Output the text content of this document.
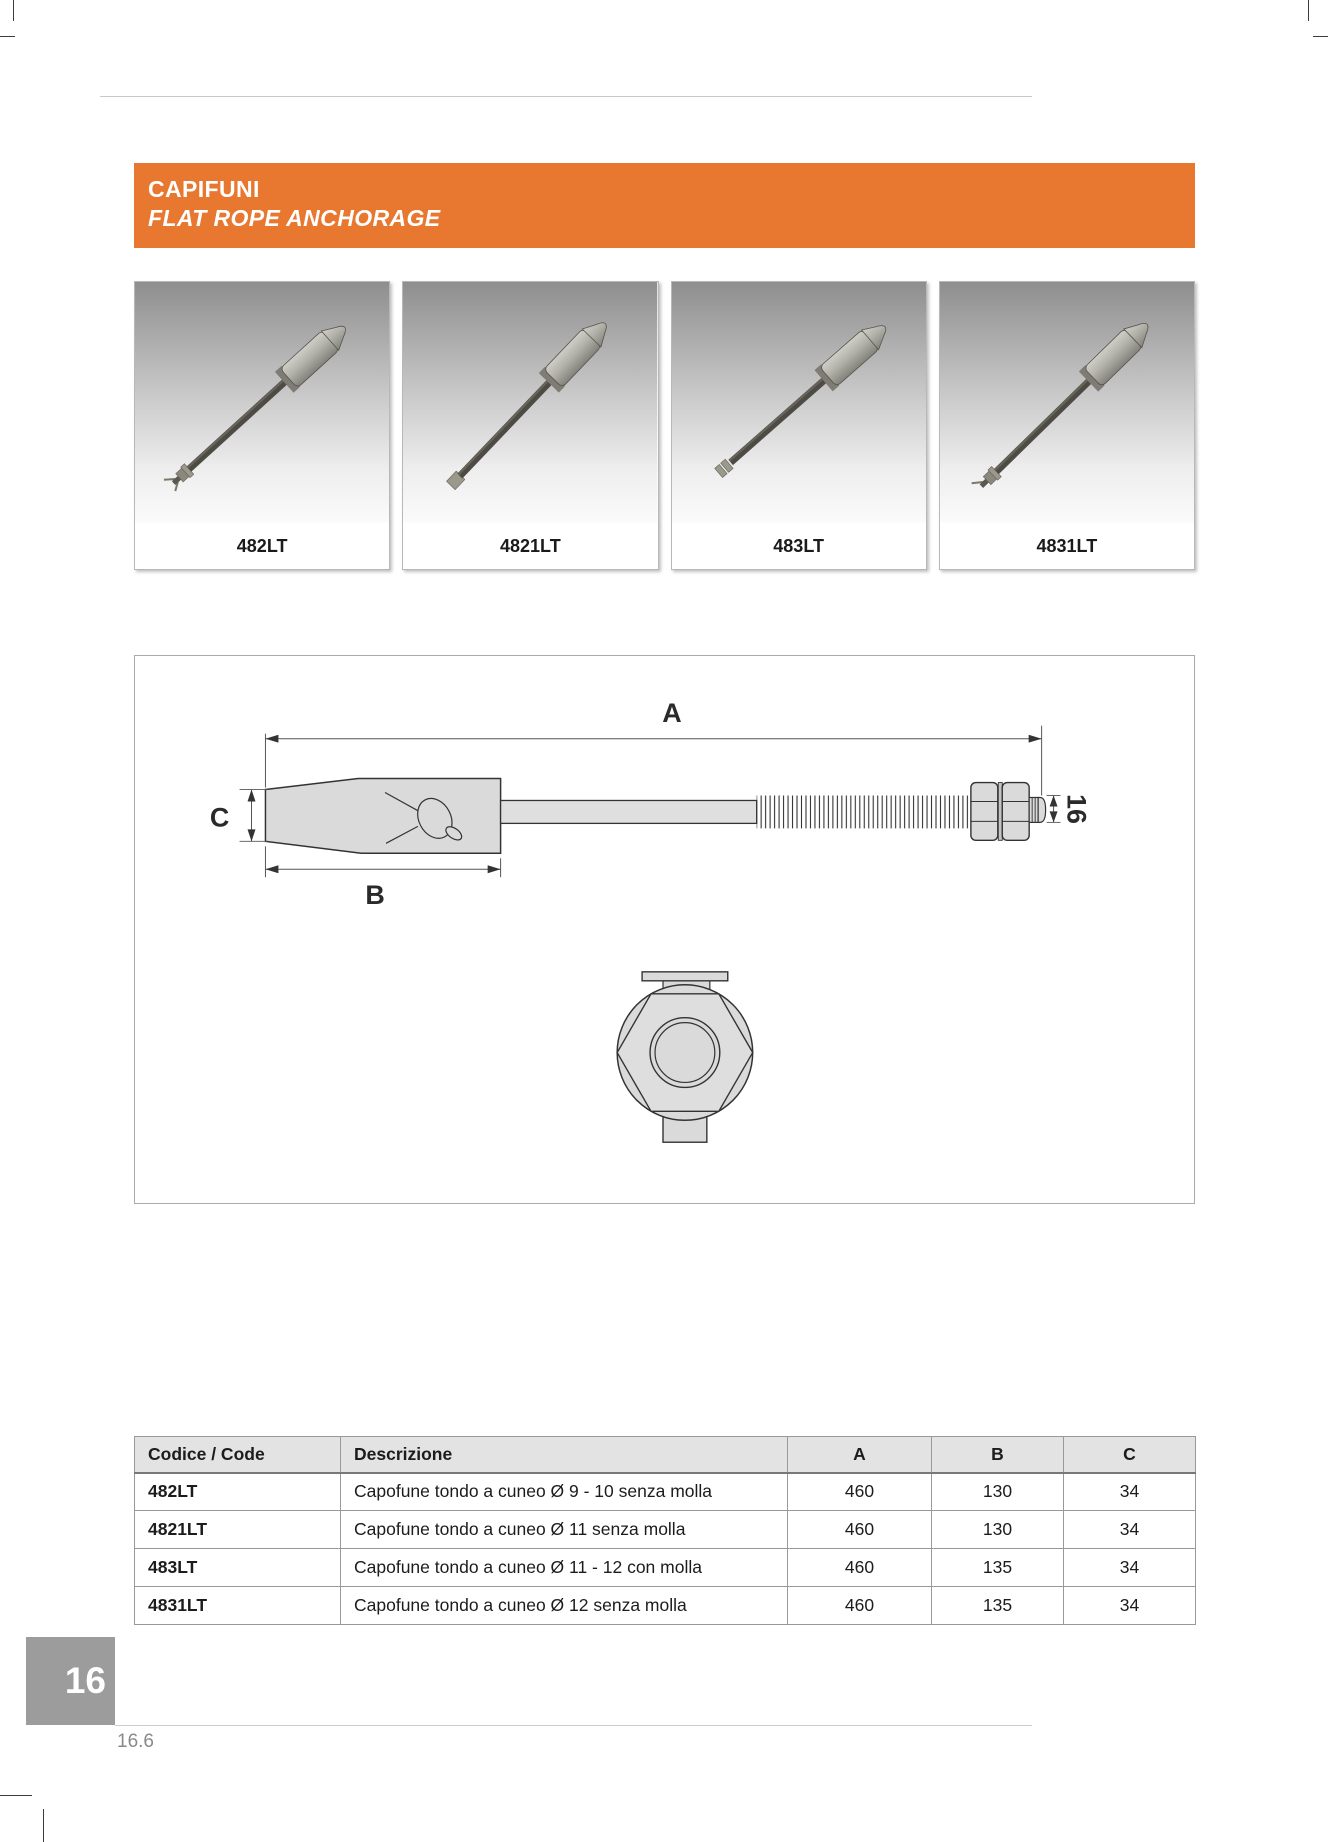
CAPIFUNI
FLAT ROPE ANCHORAGE
482LT	4821LT	483LT	4831LT
A
16
C
B
Codice / Code	Descrizione	A	B	C
482LT	Capofune tondo a cuneo Ø 9 - 10 senza molla	460	130	34
4821LT	Capofune tondo a cuneo Ø 11 senza molla	460	130	34
483LT	Capofune tondo a cuneo Ø 11 - 12 con molla	460	135	34
4831LT	Capofune tondo a cuneo Ø 12 senza molla	460	135	34
16
16.6
